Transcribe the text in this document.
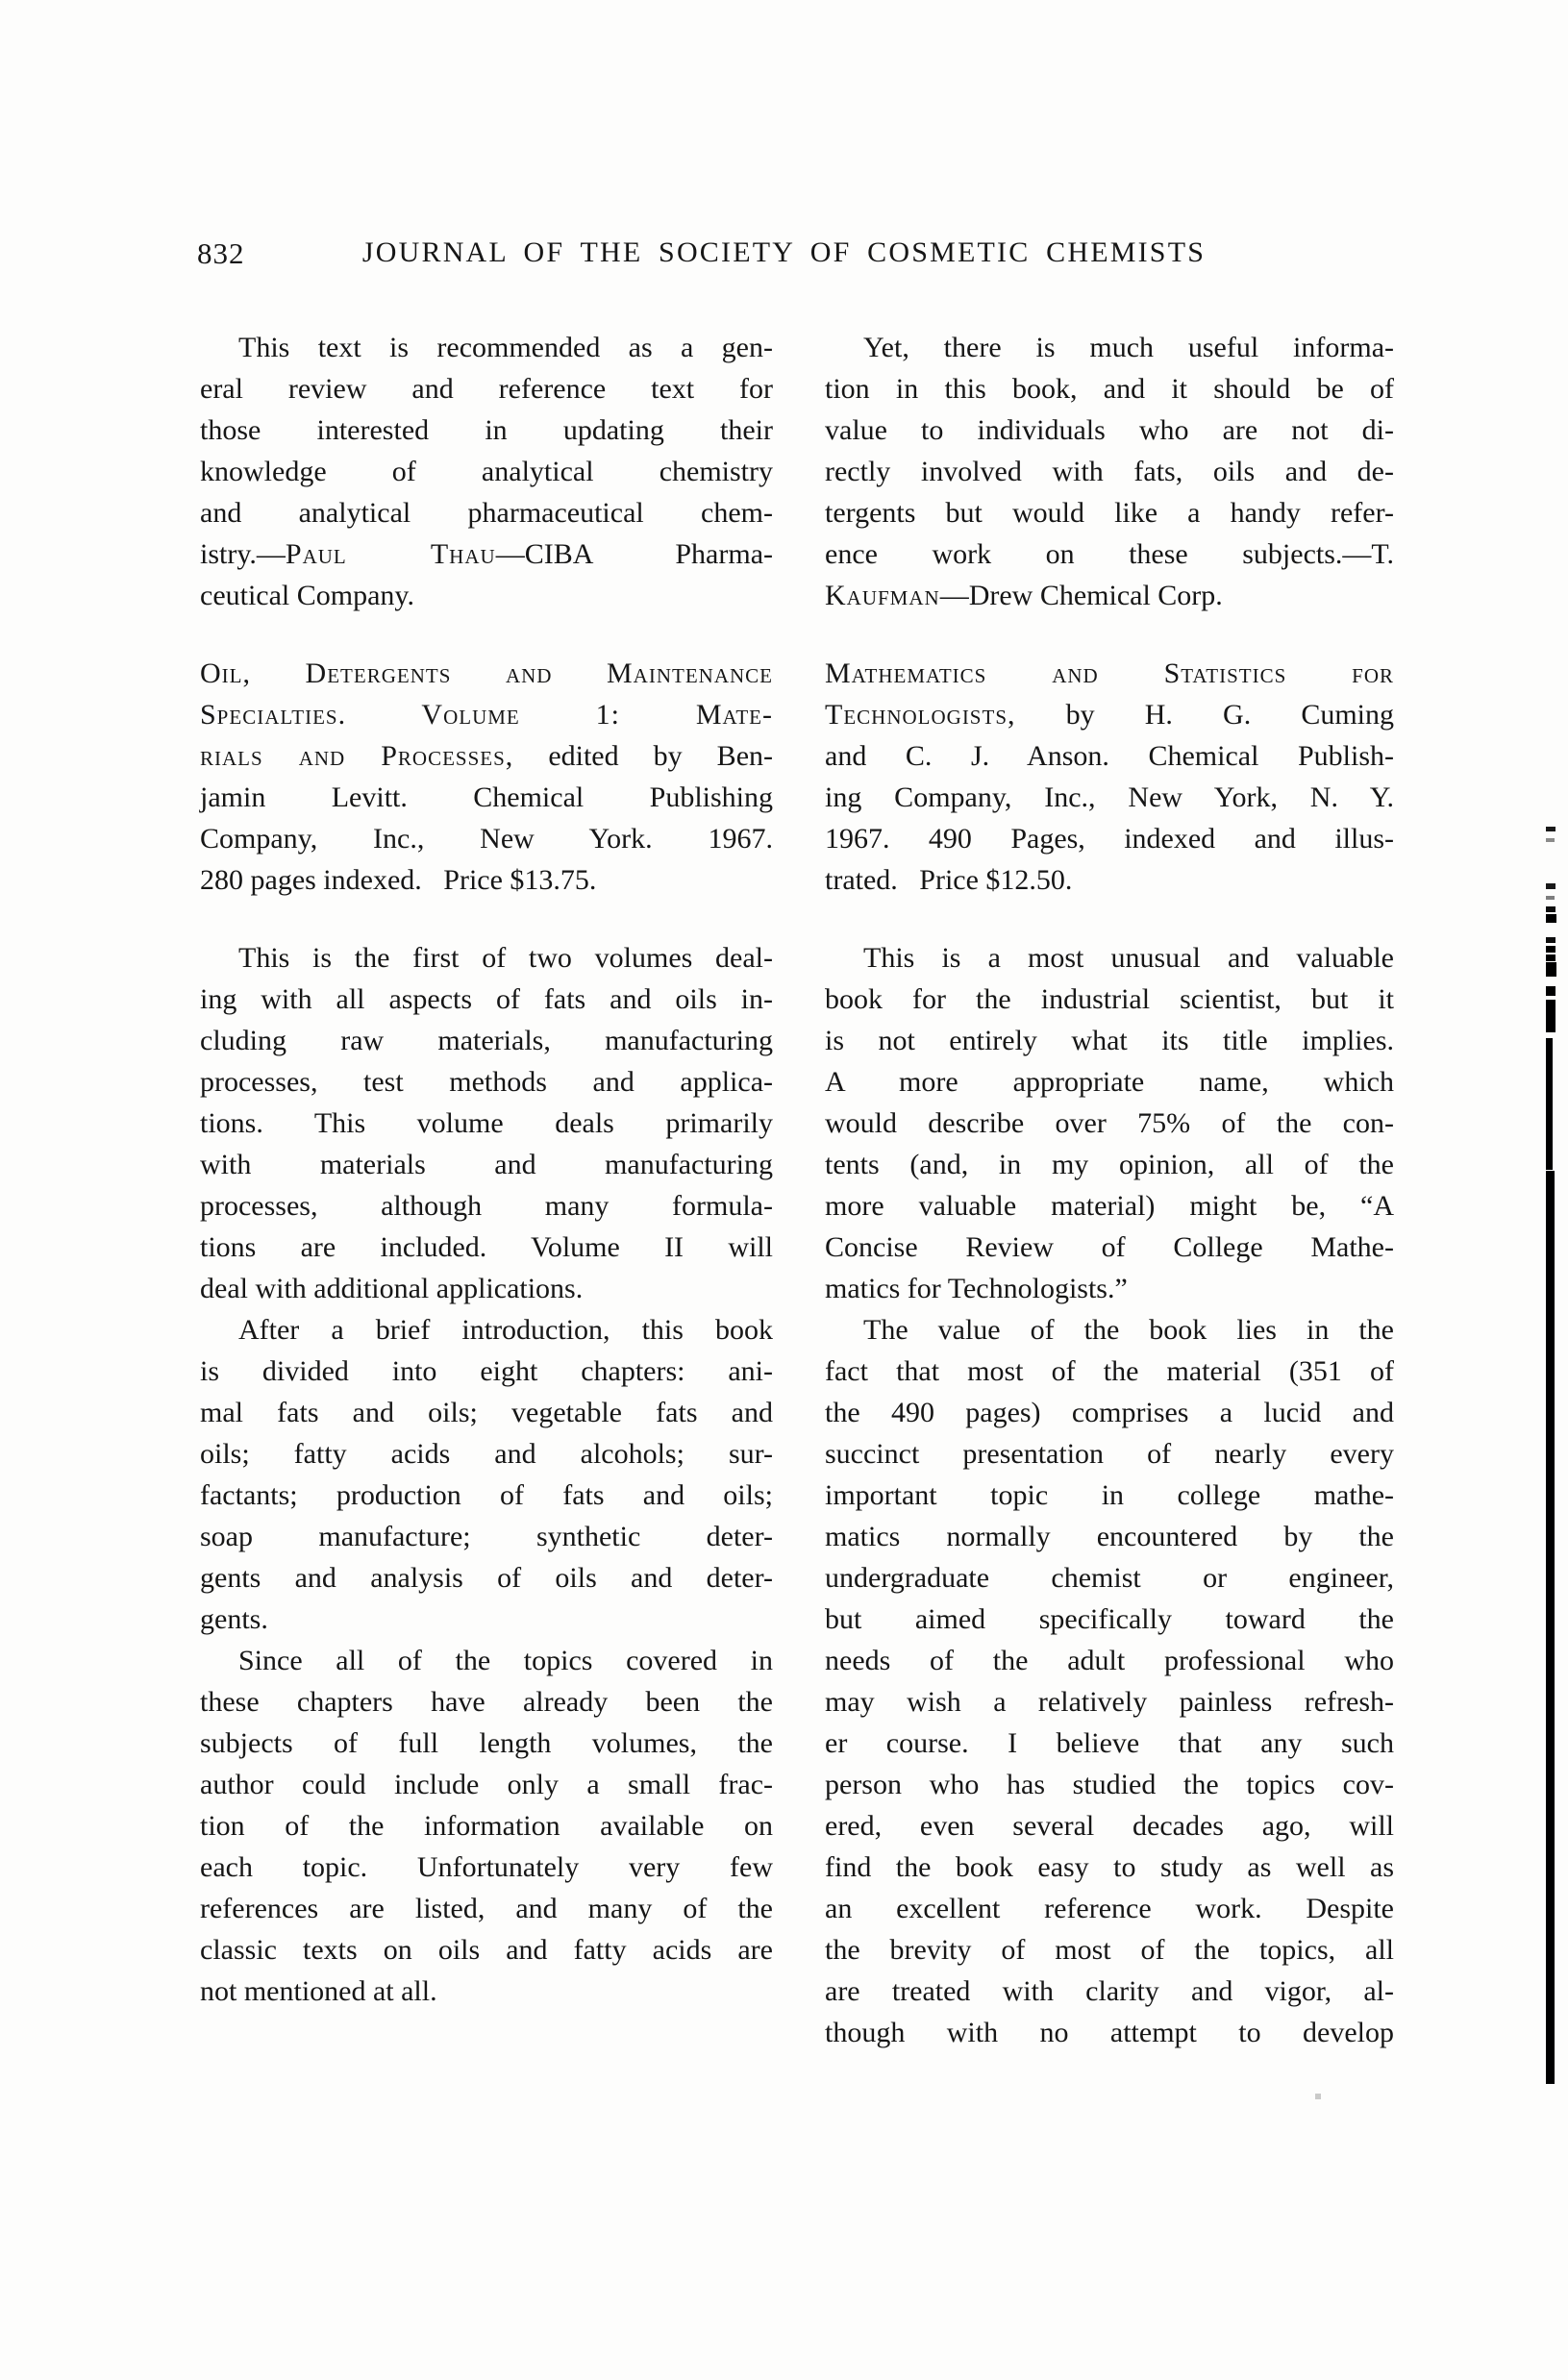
832	JOURNAL OF THE SOCIETY OF COSMETIC CHEMISTS
This text is recommended as a gen-
eral review and reference text for
those interested in updating their
knowledge of analytical chemistry
and analytical pharmaceutical chem-
istry.—Paul Thau—CIBA Pharma-
ceutical Company.
Oil, Detergents and Maintenance
Specialties. Volume 1: Mate-
rials and Processes, edited by Ben-
jamin Levitt. Chemical Publishing
Company, Inc., New York. 1967.
280 pages indexed.  Price $13.75.
This is the first of two volumes deal-
ing with all aspects of fats and oils in-
cluding raw materials, manufacturing
processes, test methods and applica-
tions. This volume deals primarily
with materials and manufacturing
processes, although many formula-
tions are included. Volume II will
deal with additional applications.
After a brief introduction, this book
is divided into eight chapters: ani-
mal fats and oils; vegetable fats and
oils; fatty acids and alcohols; sur-
factants; production of fats and oils;
soap manufacture; synthetic deter-
gents and analysis of oils and deter-
gents.
Since all of the topics covered in
these chapters have already been the
subjects of full length volumes, the
author could include only a small frac-
tion of the information available on
each topic. Unfortunately very few
references are listed, and many of the
classic texts on oils and fatty acids are
not mentioned at all.
Yet, there is much useful informa-
tion in this book, and it should be of
value to individuals who are not di-
rectly involved with fats, oils and de-
tergents but would like a handy refer-
ence work on these subjects.—T.
Kaufman—Drew Chemical Corp.
Mathematics and Statistics for
Technologists, by H. G. Cuming
and C. J. Anson. Chemical Publish-
ing Company, Inc., New York, N. Y.
1967. 490 Pages, indexed and illus-
trated.  Price $12.50.
This is a most unusual and valuable
book for the industrial scientist, but it
is not entirely what its title implies.
A more appropriate name, which
would describe over 75% of the con-
tents (and, in my opinion, all of the
more valuable material) might be, “A
Concise Review of College Mathe-
matics for Technologists.”
The value of the book lies in the
fact that most of the material (351 of
the 490 pages) comprises a lucid and
succinct presentation of nearly every
important topic in college mathe-
matics normally encountered by the
undergraduate chemist or engineer,
but aimed specifically toward the
needs of the adult professional who
may wish a relatively painless refresh-
er course. I believe that any such
person who has studied the topics cov-
ered, even several decades ago, will
find the book easy to study as well as
an excellent reference work. Despite
the brevity of most of the topics, all
are treated with clarity and vigor, al-
though with no attempt to develop
